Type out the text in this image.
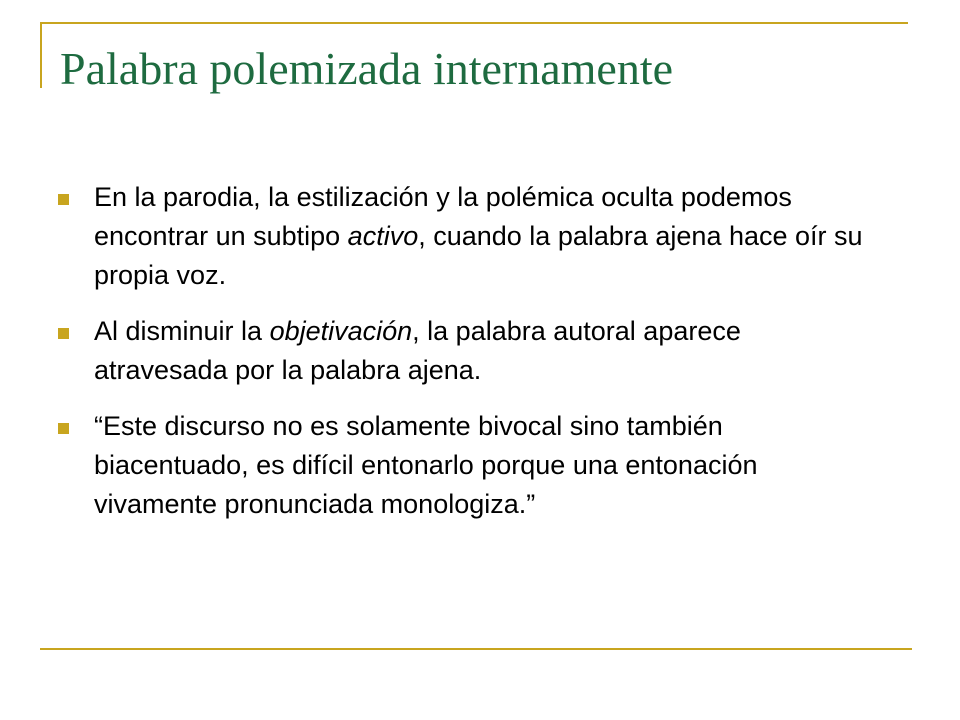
Palabra polemizada internamente
En la parodia, la estilización y la polémica oculta podemos encontrar un subtipo activo, cuando la palabra ajena hace oír su propia voz.
Al disminuir la objetivación, la palabra autoral aparece atravesada por la palabra ajena.
“Este discurso no es solamente bivocal sino también biacentuado, es difícil entonarlo porque una entonación vivamente pronunciada monologiza.”
